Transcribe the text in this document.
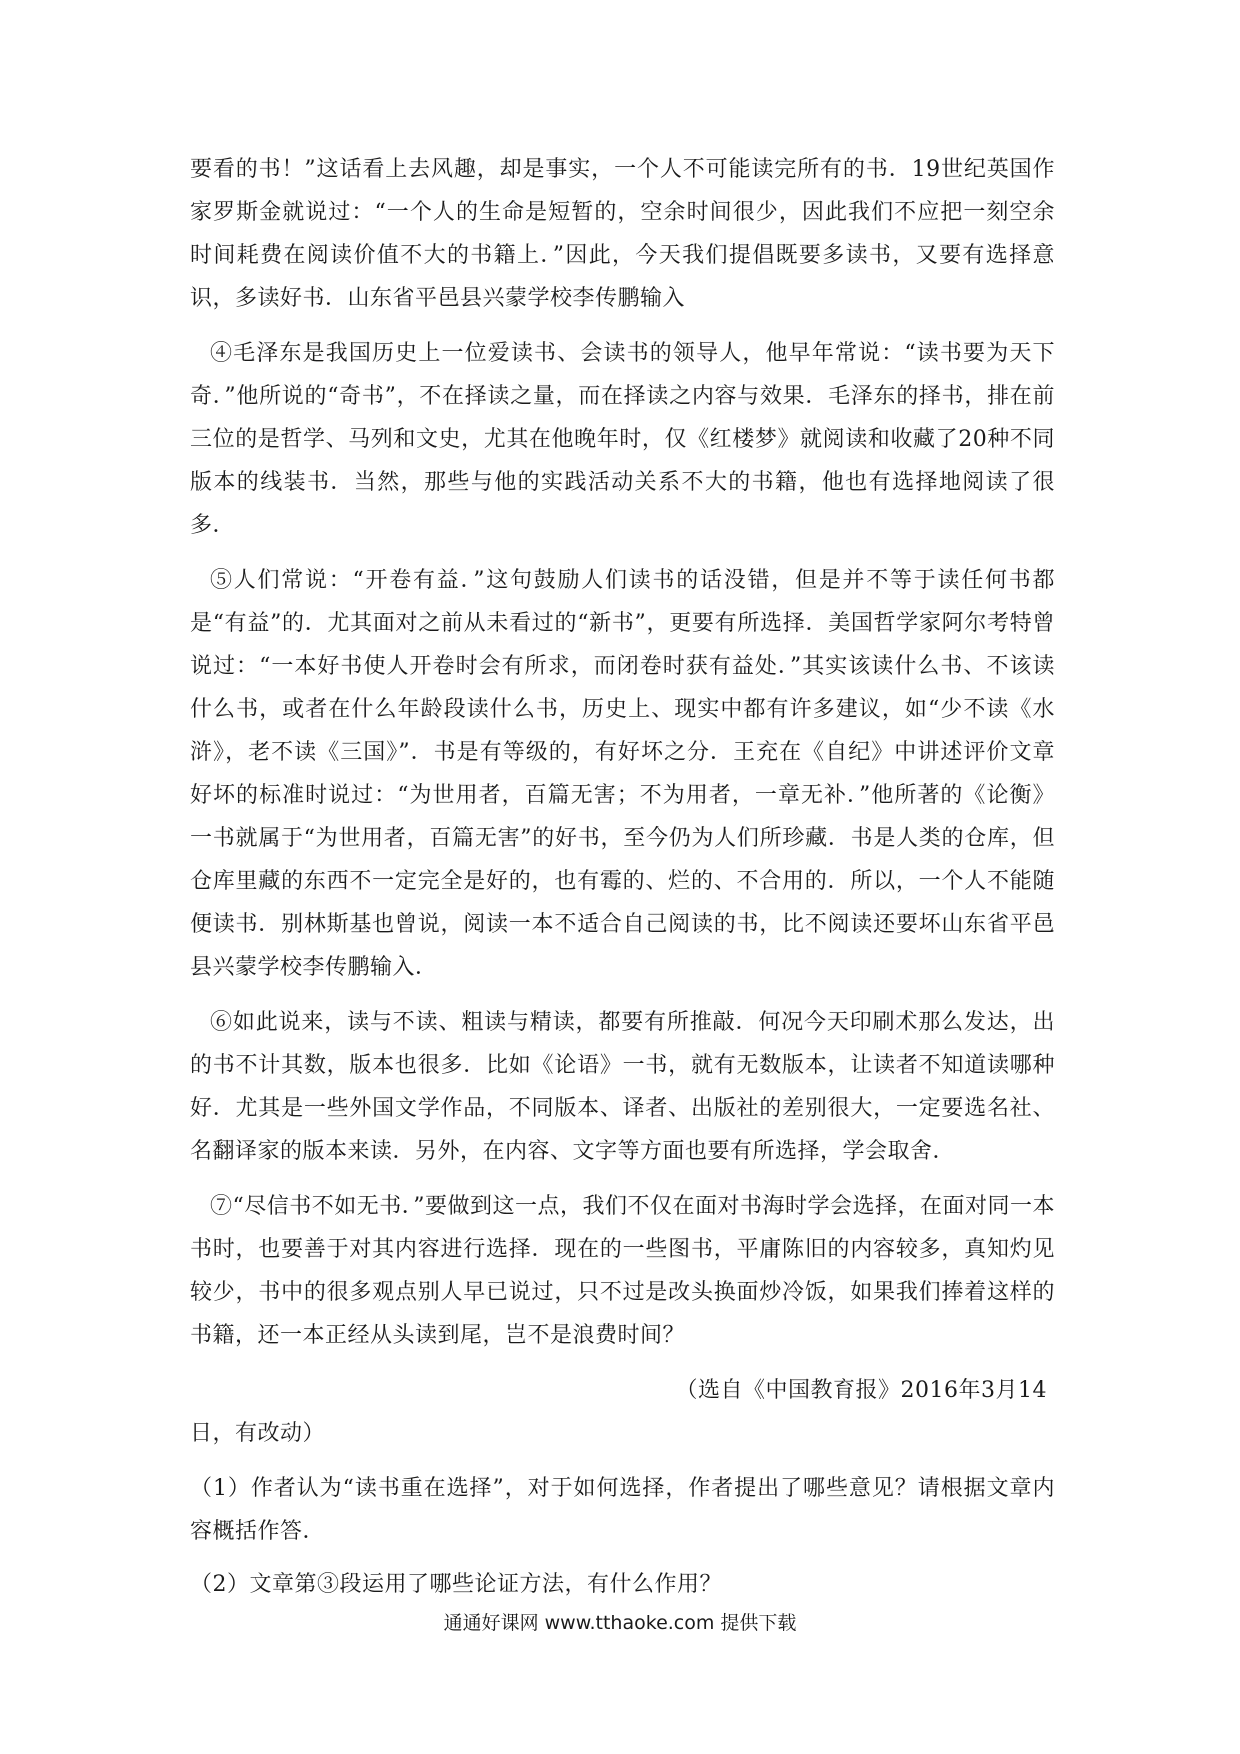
要看的书！”这话看上去风趣，却是事实，一个人不可能读完所有的书．19世纪英国作家罗斯金就说过：“一个人的生命是短暂的，空余时间很少，因此我们不应把一刻空余时间耗费在阅读价值不大的书籍上．”因此，今天我们提倡既要多读书，又要有选择意识，多读好书．山东省平邑县兴蒙学校李传鹏输入

④毛泽东是我国历史上一位爱读书、会读书的领导人，他早年常说：“读书要为天下奇．”他所说的“奇书”，不在择读之量，而在择读之内容与效果．毛泽东的择书，排在前三位的是哲学、马列和文史，尤其在他晚年时，仅《红楼梦》就阅读和收藏了20种不同版本的线装书．当然，那些与他的实践活动关系不大的书籍，他也有选择地阅读了很多．

⑤人们常说：“开卷有益．”这句鼓励人们读书的话没错，但是并不等于读任何书都是“有益”的．尤其面对之前从未看过的“新书”，更要有所选择．美国哲学家阿尔考特曾说过：“一本好书使人开卷时会有所求，而闭卷时获有益处．”其实该读什么书、不该读什么书，或者在什么年龄段读什么书，历史上、现实中都有许多建议，如“少不读《水浒》，老不读《三国》”．书是有等级的，有好坏之分．王充在《自纪》中讲述评价文章好坏的标准时说过：“为世用者，百篇无害；不为用者，一章无补．”他所著的《论衡》一书就属于“为世用者，百篇无害”的好书，至今仍为人们所珍藏．书是人类的仓库，但仓库里藏的东西不一定完全是好的，也有霉的、烂的、不合用的．所以，一个人不能随便读书．别林斯基也曾说，阅读一本不适合自己阅读的书，比不阅读还要坏山东省平邑县兴蒙学校李传鹏输入．

⑥如此说来，读与不读、粗读与精读，都要有所推敲．何况今天印刷术那么发达，出的书不计其数，版本也很多．比如《论语》一书，就有无数版本，让读者不知道读哪种好．尤其是一些外国文学作品，不同版本、译者、出版社的差别很大，一定要选名社、名翻译家的版本来读．另外，在内容、文字等方面也要有所选择，学会取舍．

⑦“尽信书不如无书．”要做到这一点，我们不仅在面对书海时学会选择，在面对同一本书时，也要善于对其内容进行选择．现在的一些图书，平庸陈旧的内容较多，真知灼见较少，书中的很多观点别人早已说过，只不过是改头换面炒冷饭，如果我们捧着这样的书籍，还一本正经从头读到尾，岂不是浪费时间？

（选自《中国教育报》2016年3月14

日，有改动）

（1）作者认为“读书重在选择”，对于如何选择，作者提出了哪些意见？请根据文章内容概括作答．

（2）文章第③段运用了哪些论证方法，有什么作用？

通通好课网 www.tthaoke.com 提供下载
